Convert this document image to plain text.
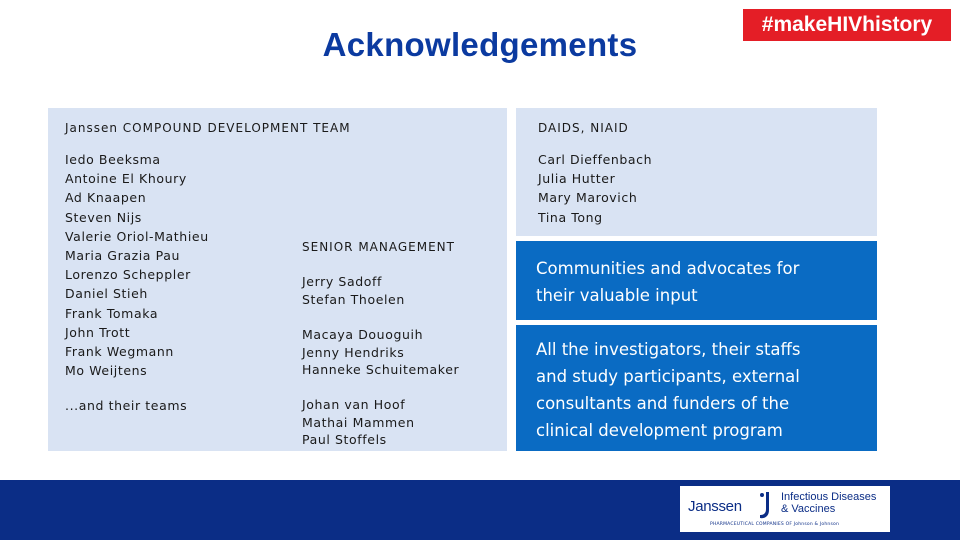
Acknowledgements
#makeHIVhistory
Janssen COMPOUND DEVELOPMENT TEAM
Iedo Beeksma
Antoine El Khoury
Ad Knaapen
Steven Nijs
Valerie Oriol-Mathieu
Maria Grazia Pau
Lorenzo Scheppler
Daniel Stieh
Frank Tomaka
John Trott
Frank Wegmann
Mo Weijtens
...and their teams
SENIOR MANAGEMENT
Jerry Sadoff
Stefan Thoelen
Macaya Douoguih
Jenny Hendriks
Hanneke Schuitemaker
Johan van Hoof
Mathai Mammen
Paul Stoffels
DAIDS, NIAID
Carl Dieffenbach
Julia Hutter
Mary Marovich
Tina Tong
Communities and advocates for
their valuable input
All the investigators, their staffs
and study participants, external
consultants and funders of the
clinical development program
Janssen
Infectious Diseases
& Vaccines
PHARMACEUTICAL COMPANIES OF Johnson & Johnson
